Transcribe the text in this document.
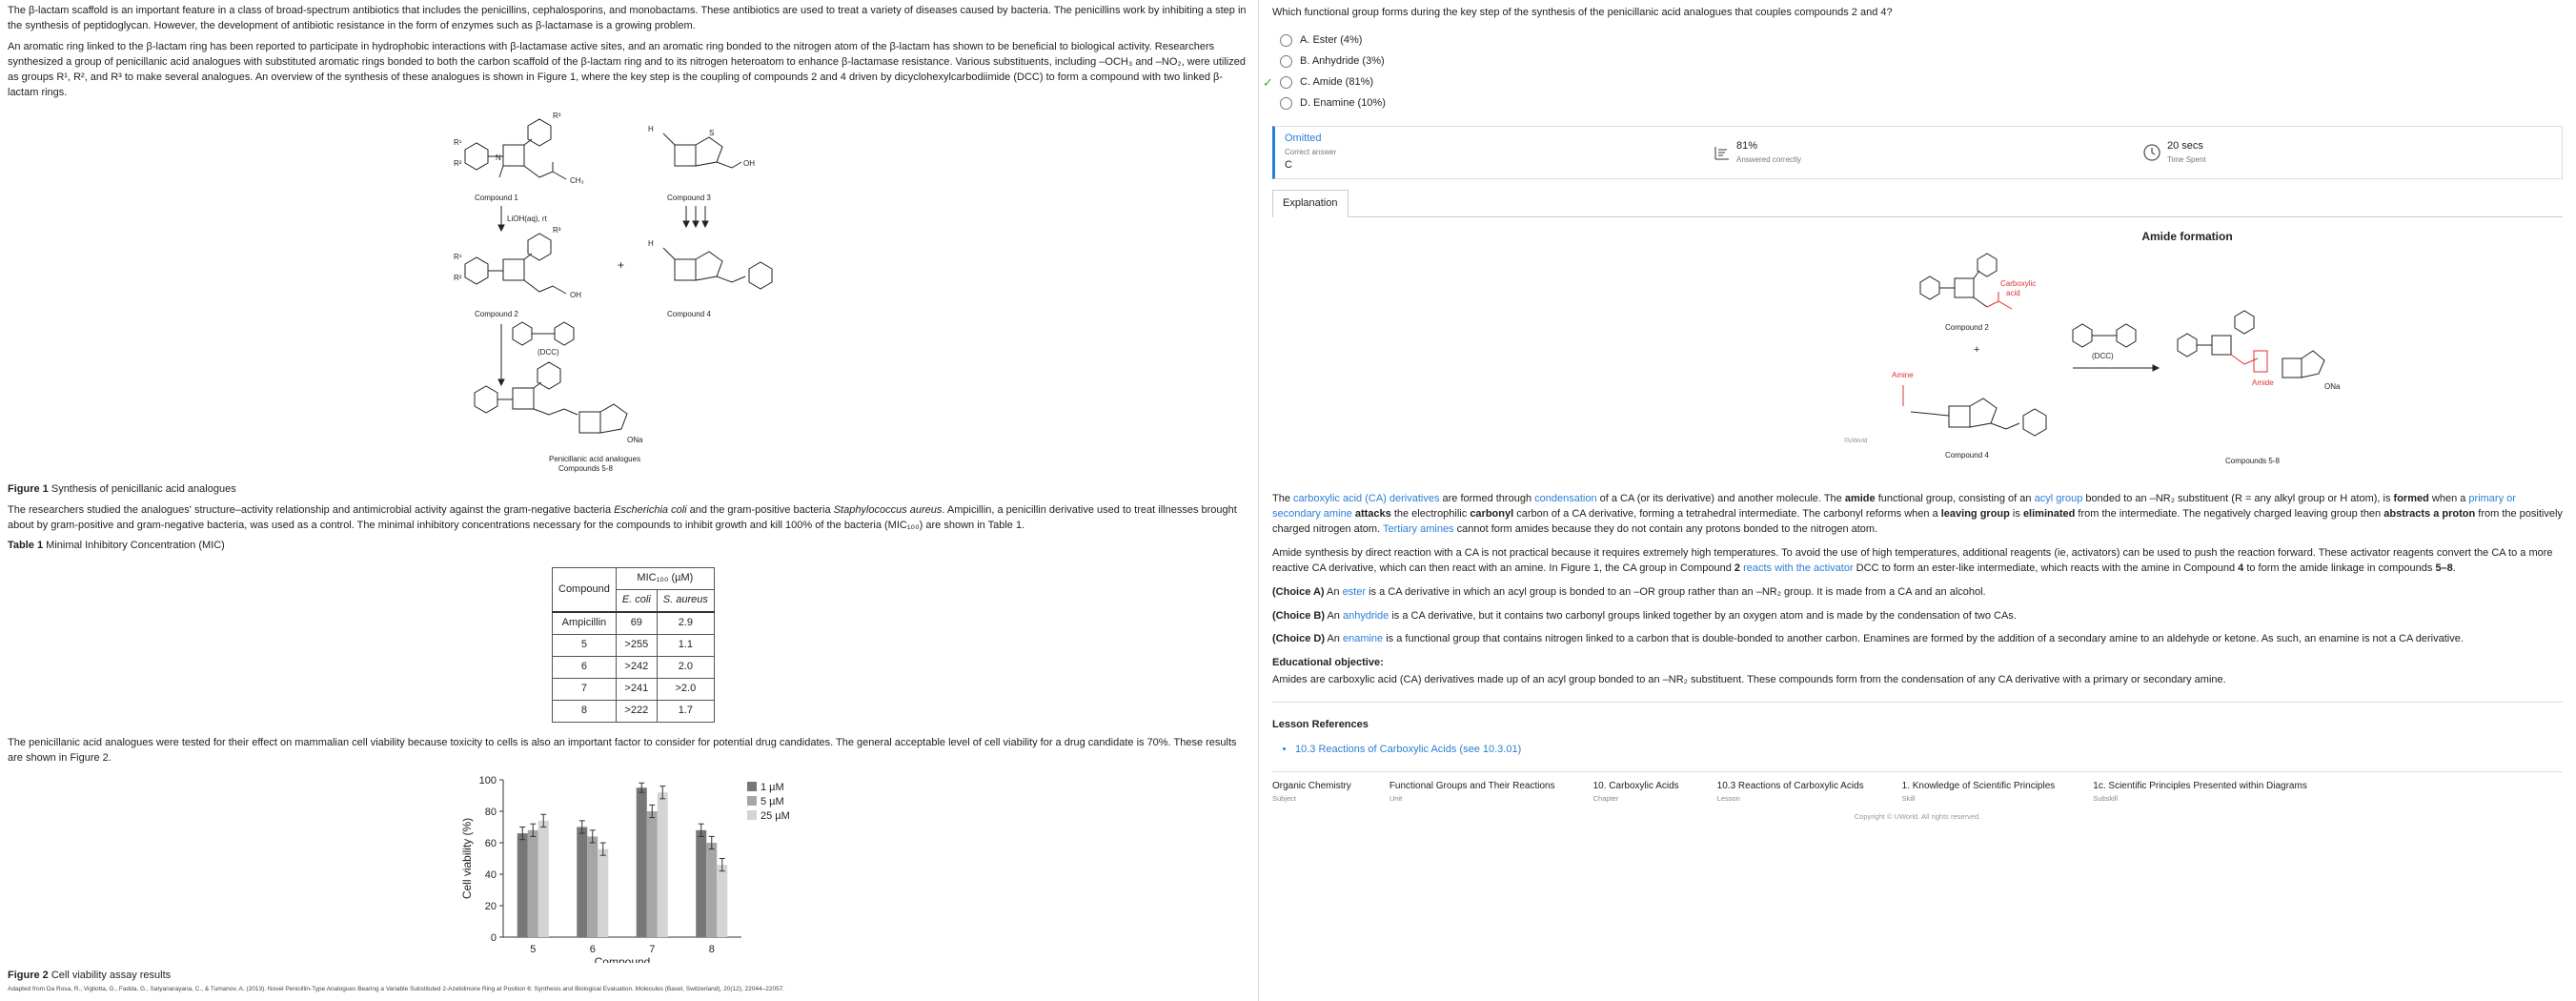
The β-lactam scaffold is an important feature in a class of broad-spectrum antibiotics that includes the penicillins, cephalosporins, and monobactams. These antibiotics are used to treat a variety of diseases caused by bacteria. The penicillins work by inhibiting a step in the synthesis of peptidoglycan. However, the development of antibiotic resistance in the form of enzymes such as β-lactamase is a growing problem.

An aromatic ring linked to the β-lactam ring has been reported to participate in hydrophobic interactions with β-lactamase active sites, and an aromatic ring bonded to the nitrogen atom of the β-lactam has shown to be beneficial to biological activity. Researchers synthesized a group of penicillanic acid analogues with substituted aromatic rings bonded to both the carbon scaffold of the β-lactam ring and to its nitrogen heteroatom to enhance β-lactamase resistance. Various substituents, including –OCH₃ and –NO₂, were utilized as groups R¹, R², and R³ to make several analogues. An overview of the synthesis of these analogues is shown in Figure 1, where the key step is the coupling of compounds 2 and 4 driven by dicyclohexylcarbodiimide (DCC) to form a compound with two linked β-lactam rings.

R¹
R²
R³
N
CH₃
Compound 1
LiOH(aq), rt
R¹
R²
R³
OH
Compound 2
+
H	S
OH
Compound 3
H
Compound 4
(DCC)
ONa
Penicillanic acid analogues
Compounds 5-8
Figure 1 Synthesis of penicillanic acid analogues

The researchers studied the analogues' structure–activity relationship and antimicrobial activity against the gram-negative bacteria Escherichia coli and the gram-positive bacteria Staphylococcus aureus. Ampicillin, a penicillin derivative used to treat illnesses brought about by gram-positive and gram-negative bacteria, was used as a control. The minimal inhibitory concentrations necessary for the compounds to inhibit growth and kill 100% of the bacteria (MIC₁₀₀) are shown in Table 1.

Table 1 Minimal Inhibitory Concentration (MIC)
Compound	MIC₁₀₀ (µM)	
	E. coli	S. aureus
Ampicillin	69	2.9
5	>255	1.1
6	>242	2.0
7	>241	>2.0
8	>222	1.7

The penicillanic acid analogues were tested for their effect on mammalian cell viability because toxicity to cells is also an important factor to consider for potential drug candidates. The general acceptable level of cell viability for a drug candidate is 70%. These results are shown in Figure 2.

0
20
40
60
80
100
5	6	7	8
Compound
Cell viability (%)
1 µM
5 µM
25 µM
Figure 2 Cell viability assay results
Adapted from Da Rosa, R., Vigliotta, G., Fadda, G., Satyanarayana, C., & Tumanov, A. (2013). Novel Penicillin-Type Analogues Bearing a Variable Substituted 2-Azetidinone Ring at Position 6: Synthesis and Biological Evaluation. Molecules (Basel, Switzerland), 20(12), 22044–22057.
Which functional group forms during the key step of the synthesis of the penicillanic acid analogues that couples compounds 2 and 4?
A. Ester (4%)
B. Anhydride (3%)
✓	C. Amide (81%)
D. Enamine (10%)
Omitted
Correct answer
C
81%
Answered correctly
20 secs
Time Spent
Explanation
Amide formation
Carboxylic
acid
Compound 2
+
Amine
Compound 4
©UWorld
(DCC)
ONa
Amide
Compounds 5-8

The carboxylic acid (CA) derivatives are formed through condensation of a CA (or its derivative) and another molecule. The amide functional group, consisting of an acyl group bonded to an –NR₂ substituent (R = any alkyl group or H atom), is formed when a primary or secondary amine attacks the electrophilic carbonyl carbon of a CA derivative, forming a tetrahedral intermediate. The carbonyl reforms when a leaving group is eliminated from the intermediate. The negatively charged leaving group then abstracts a proton from the positively charged nitrogen atom. Tertiary amines cannot form amides because they do not contain any protons bonded to the nitrogen atom.

Amide synthesis by direct reaction with a CA is not practical because it requires extremely high temperatures. To avoid the use of high temperatures, additional reagents (ie, activators) can be used to push the reaction forward. These activator reagents convert the CA to a more reactive CA derivative, which can then react with an amine. In Figure 1, the CA group in Compound 2 reacts with the activator DCC to form an ester-like intermediate, which reacts with the amine in Compound 4 to form the amide linkage in compounds 5–8.

(Choice A) An ester is a CA derivative in which an acyl group is bonded to an –OR group rather than an –NR₂ group. It is made from a CA and an alcohol.

(Choice B) An anhydride is a CA derivative, but it contains two carbonyl groups linked together by an oxygen atom and is made by the condensation of two CAs.

(Choice D) An enamine is a functional group that contains nitrogen linked to a carbon that is double-bonded to another carbon. Enamines are formed by the addition of a secondary amine to an aldehyde or ketone. As such, an enamine is not a CA derivative.

Educational objective:

Amides are carboxylic acid (CA) derivatives made up of an acyl group bonded to an –NR₂ substituent. These compounds form from the condensation of any CA derivative with a primary or secondary amine.

Lesson References
• 10.3 Reactions of Carboxylic Acids (see 10.3.01)
Organic Chemistry
Subject
Functional Groups and Their Reactions
Unit
10. Carboxylic Acids
Chapter
10.3 Reactions of Carboxylic Acids
Lesson
1. Knowledge of Scientific Principles
Skill
1c. Scientific Principles Presented within Diagrams
Subskill
Copyright © UWorld. All rights reserved.
